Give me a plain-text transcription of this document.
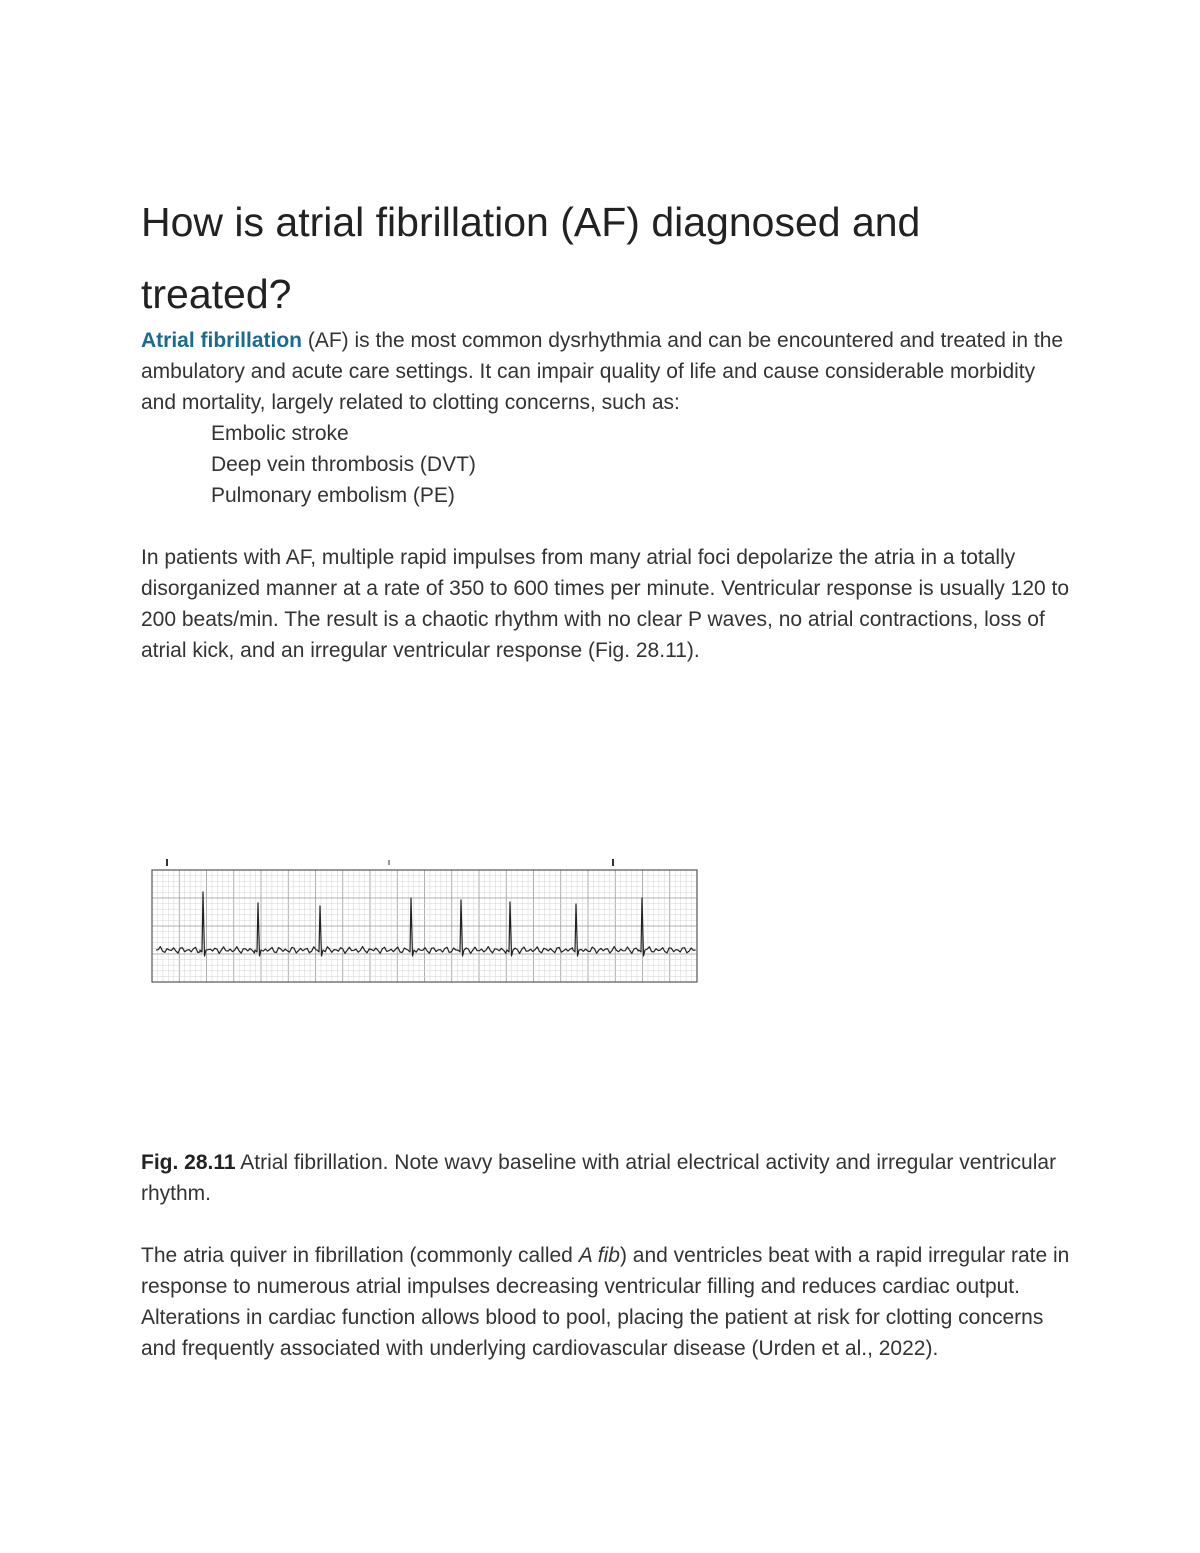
How is atrial fibrillation (AF) diagnosed and treated?

Atrial fibrillation (AF) is the most common dysrhythmia and can be encountered and treated in the ambulatory and acute care settings. It can impair quality of life and cause considerable morbidity and mortality, largely related to clotting concerns, such as:

Embolic stroke
Deep vein thrombosis (DVT)
Pulmonary embolism (PE)

In patients with AF, multiple rapid impulses from many atrial foci depolarize the atria in a totally disorganized manner at a rate of 350 to 600 times per minute. Ventricular response is usually 120 to 200 beats/min. The result is a chaotic rhythm with no clear P waves, no atrial contractions, loss of atrial kick, and an irregular ventricular response (Fig. 28.11).

Fig. 28.11 Atrial fibrillation. Note wavy baseline with atrial electrical activity and irregular ventricular rhythm.

The atria quiver in fibrillation (commonly called A fib) and ventricles beat with a rapid irregular rate in response to numerous atrial impulses decreasing ventricular filling and reduces cardiac output. Alterations in cardiac function allows blood to pool, placing the patient at risk for clotting concerns and frequently associated with underlying cardiovascular disease (Urden et al., 2022).
